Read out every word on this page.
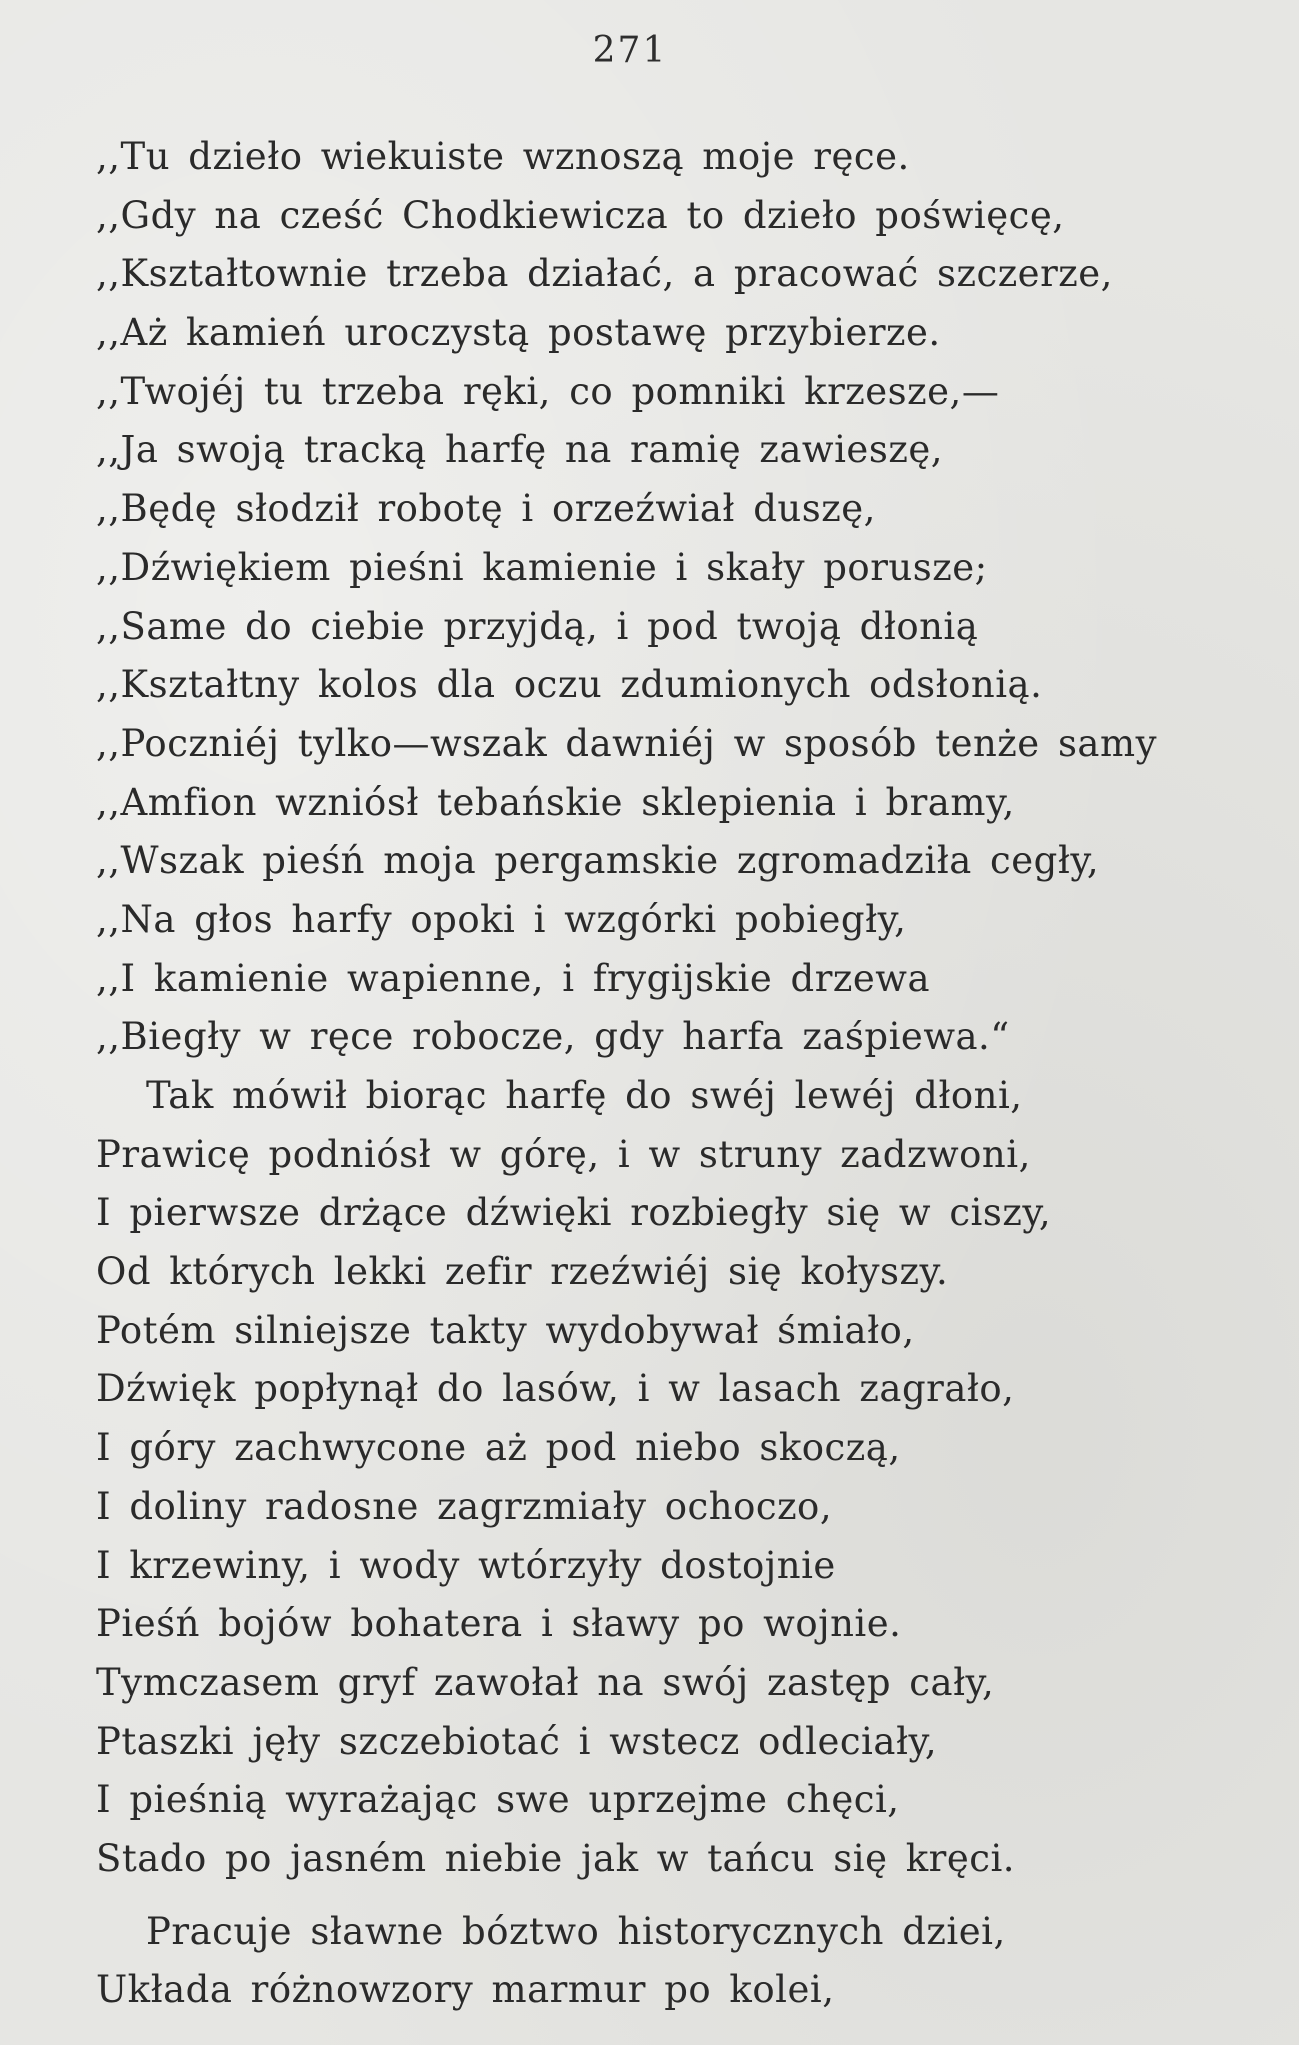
271
,,Tu dzieło wiekuiste wznoszą moje ręce.
,,Gdy na cześć Chodkiewicza to dzieło poświęcę,
,,Kształtownie trzeba działać, a pracować szczerze,
,,Aż kamień uroczystą postawę przybierze.
,,Twojéj tu trzeba ręki, co pomniki krzesze,—
,,Ja swoją tracką harfę na ramię zawieszę,
,,Będę słodził robotę i orzeźwiał duszę,
,,Dźwiękiem pieśni kamienie i skały porusze;
,,Same do ciebie przyjdą, i pod twoją dłonią
,,Kształtny kolos dla oczu zdumionych odsłonią.
,,Poczniéj tylko—wszak dawniéj w sposób tenże samy
,,Amfion wzniósł tebańskie sklepienia i bramy,
,,Wszak pieśń moja pergamskie zgromadziła cegły,
,,Na głos harfy opoki i wzgórki pobiegły,
,,I kamienie wapienne, i frygijskie drzewa
,,Biegły w ręce robocze, gdy harfa zaśpiewa.“
Tak mówił biorąc harfę do swéj lewéj dłoni,
Prawicę podniósł w górę, i w struny zadzwoni,
I pierwsze drżące dźwięki rozbiegły się w ciszy,
Od których lekki zefir rzeźwiéj się kołyszy.
Potém silniejsze takty wydobywał śmiało,
Dźwięk popłynął do lasów, i w lasach zagrało,
I góry zachwycone aż pod niebo skoczą,
I doliny radosne zagrzmiały ochoczo,
I krzewiny, i wody wtórzyły dostojnie
Pieśń bojów bohatera i sławy po wojnie.
Tymczasem gryf zawołał na swój zastęp cały,
Ptaszki jęły szczebiotać i wstecz odleciały,
I pieśnią wyrażając swe uprzejme chęci,
Stado po jasném niebie jak w tańcu się kręci.
Pracuje sławne bóztwo historycznych dziei,
Układa różnowzory marmur po kolei,
